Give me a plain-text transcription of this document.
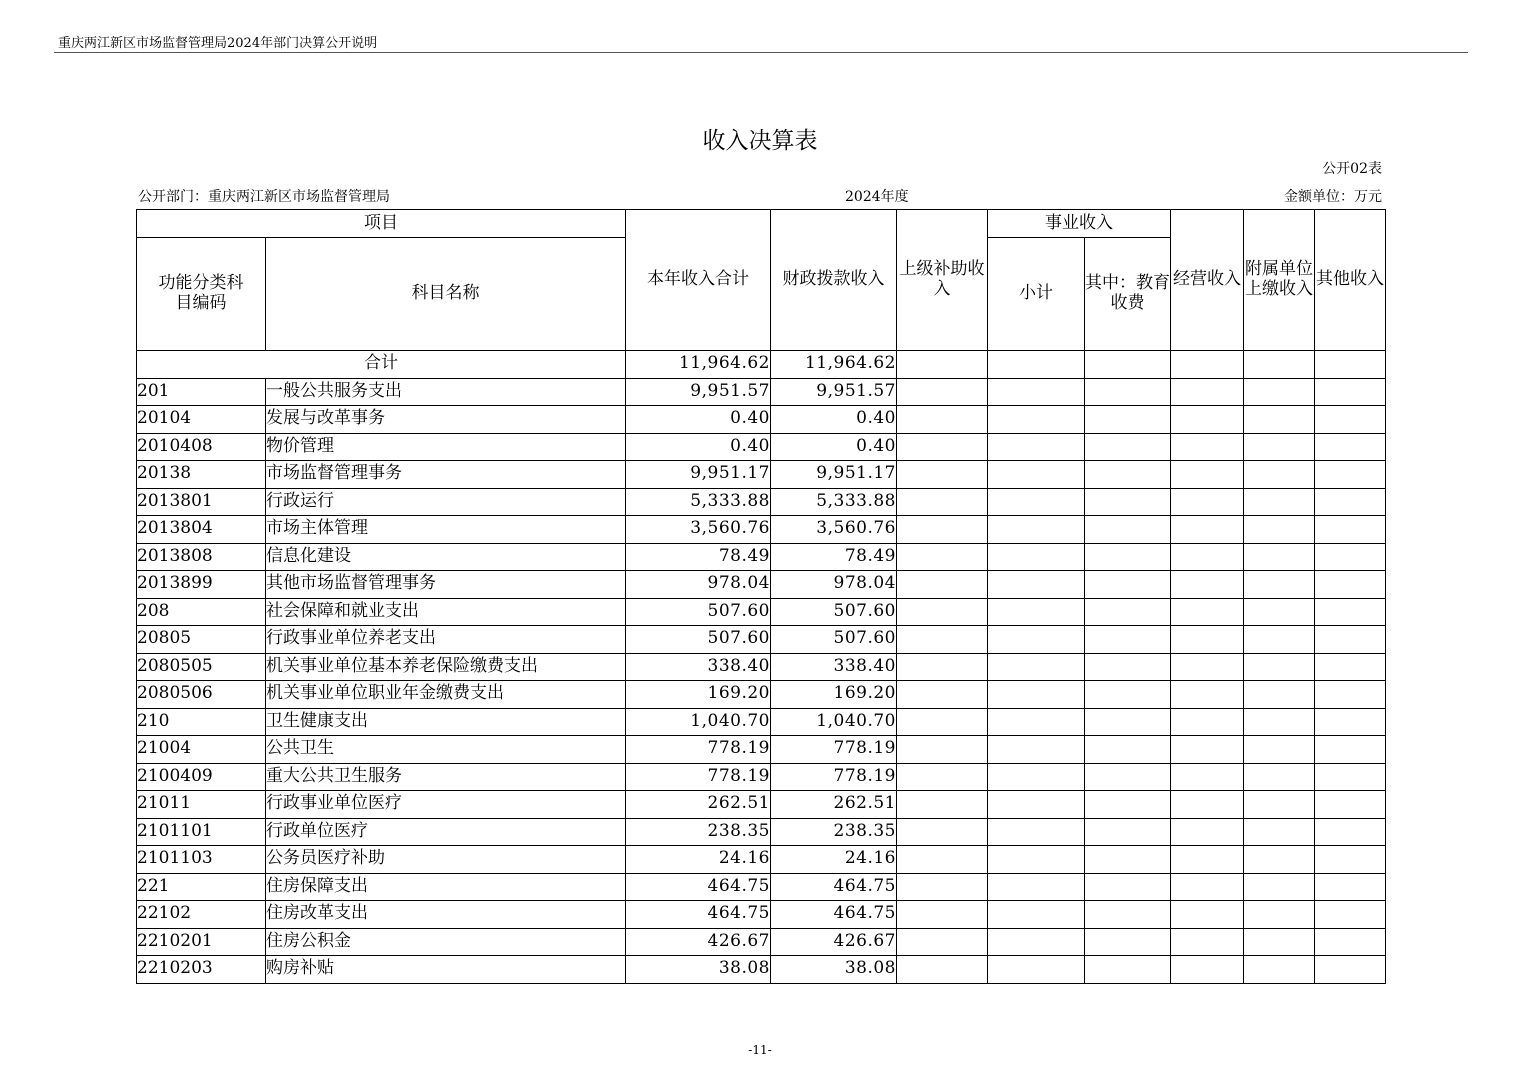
重庆两江新区市场监督管理局2024年部门决算公开说明
收入决算表
公开02表
公开部门：重庆两江新区市场监督管理局	2024年度	金额单位：万元
项目		本年收入合计	财政拨款收入	上级补助收入	事业收入		经营收入	附属单位上缴收入	其他收入
功能分类科目编码	科目名称				小计	其中：教育收费			
合计		11,964.62	11,964.62						
201	一般公共服务支出	9,951.57	9,951.57						
20104	发展与改革事务	0.40	0.40						
2010408	物价管理	0.40	0.40						
20138	市场监督管理事务	9,951.17	9,951.17						
2013801	行政运行	5,333.88	5,333.88						
2013804	市场主体管理	3,560.76	3,560.76						
2013808	信息化建设	78.49	78.49						
2013899	其他市场监督管理事务	978.04	978.04						
208	社会保障和就业支出	507.60	507.60						
20805	行政事业单位养老支出	507.60	507.60						
2080505	机关事业单位基本养老保险缴费支出	338.40	338.40						
2080506	机关事业单位职业年金缴费支出	169.20	169.20						
210	卫生健康支出	1,040.70	1,040.70						
21004	公共卫生	778.19	778.19						
2100409	重大公共卫生服务	778.19	778.19						
21011	行政事业单位医疗	262.51	262.51						
2101101	行政单位医疗	238.35	238.35						
2101103	公务员医疗补助	24.16	24.16						
221	住房保障支出	464.75	464.75						
22102	住房改革支出	464.75	464.75						
2210201	住房公积金	426.67	426.67						
2210203	购房补贴	38.08	38.08						
-11-
